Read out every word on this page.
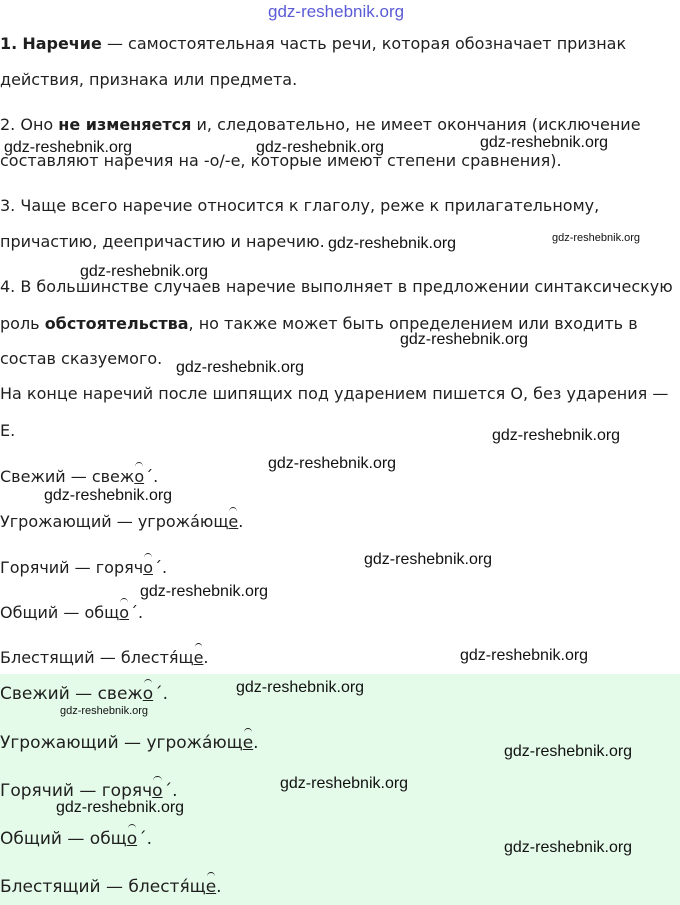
gdz-reshebnik.org
1. Наречие — самостоятельная часть речи, которая обозначает признак
действия, признака или предмета.
2. Оно не изменяется и, следовательно, не имеет окончания (исключение
составляют наречия на -о/-е, которые имеют степени сравнения).
3. Чаще всего наречие относится к глаголу, реже к прилагательному,
причастию, деепричастию и наречию.
4. В большинстве случаев наречие выполняет в предложении синтаксическую
роль обстоятельства, но также может быть определением или входить в
состав сказуемого.
На конце наречий после шипящих под ударением пишется О, без ударения —
Е.
Свежий — свежо´.
Угрожающий — угрожа́юще.
Горячий — горячо´.
Общий — общо´.
Блестящий — блестя́ще.
Свежий — свежо´.
Угрожающий — угрожа́юще.
Горячий — горячо´.
Общий — общо´.
Блестящий — блестя́ще.
gdz-reshebnik.org	gdz-reshebnik.org	gdz-reshebnik.org
gdz-reshebnik.org	gdz-reshebnik.org
gdz-reshebnik.org
gdz-reshebnik.org
gdz-reshebnik.org
gdz-reshebnik.org
gdz-reshebnik.org
gdz-reshebnik.org
gdz-reshebnik.org
gdz-reshebnik.org
gdz-reshebnik.org
gdz-reshebnik.org
gdz-reshebnik.org
gdz-reshebnik.org
gdz-reshebnik.org
gdz-reshebnik.org
gdz-reshebnik.org
